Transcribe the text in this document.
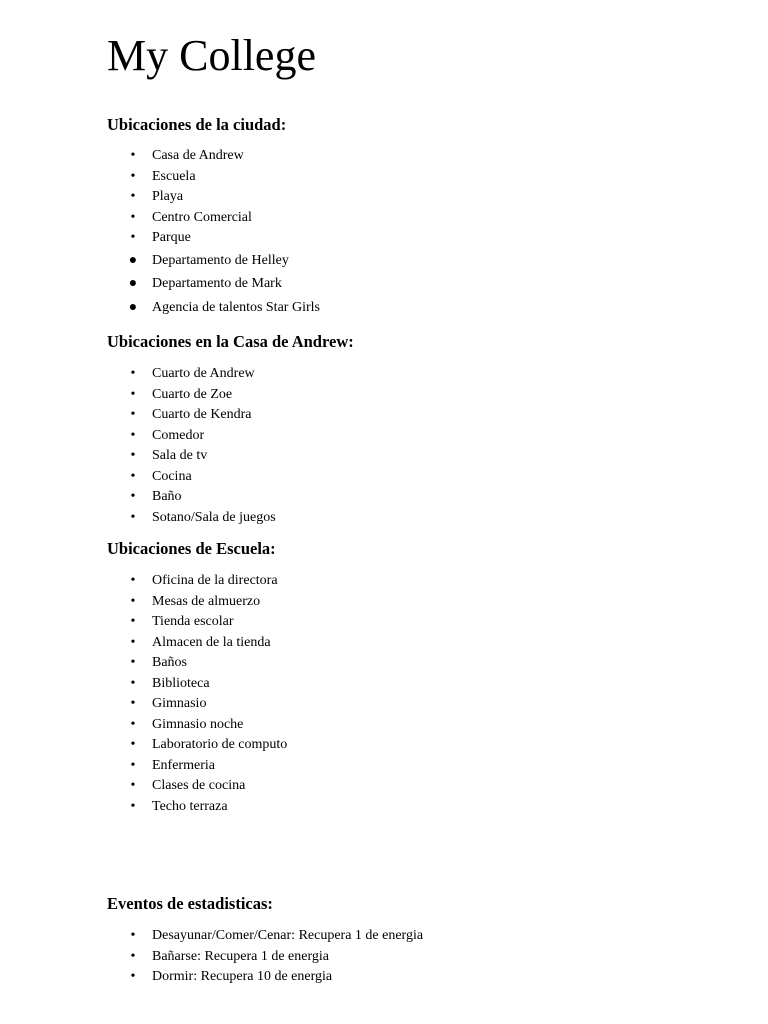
My College
Ubicaciones de la ciudad:
• Casa de Andrew
• Escuela
• Playa
• Centro Comercial
• Parque
● Departamento de Helley
● Departamento de Mark
● Agencia de talentos Star Girls
Ubicaciones en la Casa de Andrew:
• Cuarto de Andrew
• Cuarto de Zoe
• Cuarto de Kendra
• Comedor
• Sala de tv
• Cocina
• Baño
• Sotano/Sala de juegos
Ubicaciones de Escuela:
• Oficina de la directora
• Mesas de almuerzo
• Tienda escolar
• Almacen de la tienda
• Baños
• Biblioteca
• Gimnasio
• Gimnasio noche
• Laboratorio de computo
• Enfermeria
• Clases de cocina
• Techo terraza
Eventos de estadisticas:
• Desayunar/Comer/Cenar: Recupera 1 de energia
• Bañarse: Recupera 1 de energia
• Dormir: Recupera 10 de energia
